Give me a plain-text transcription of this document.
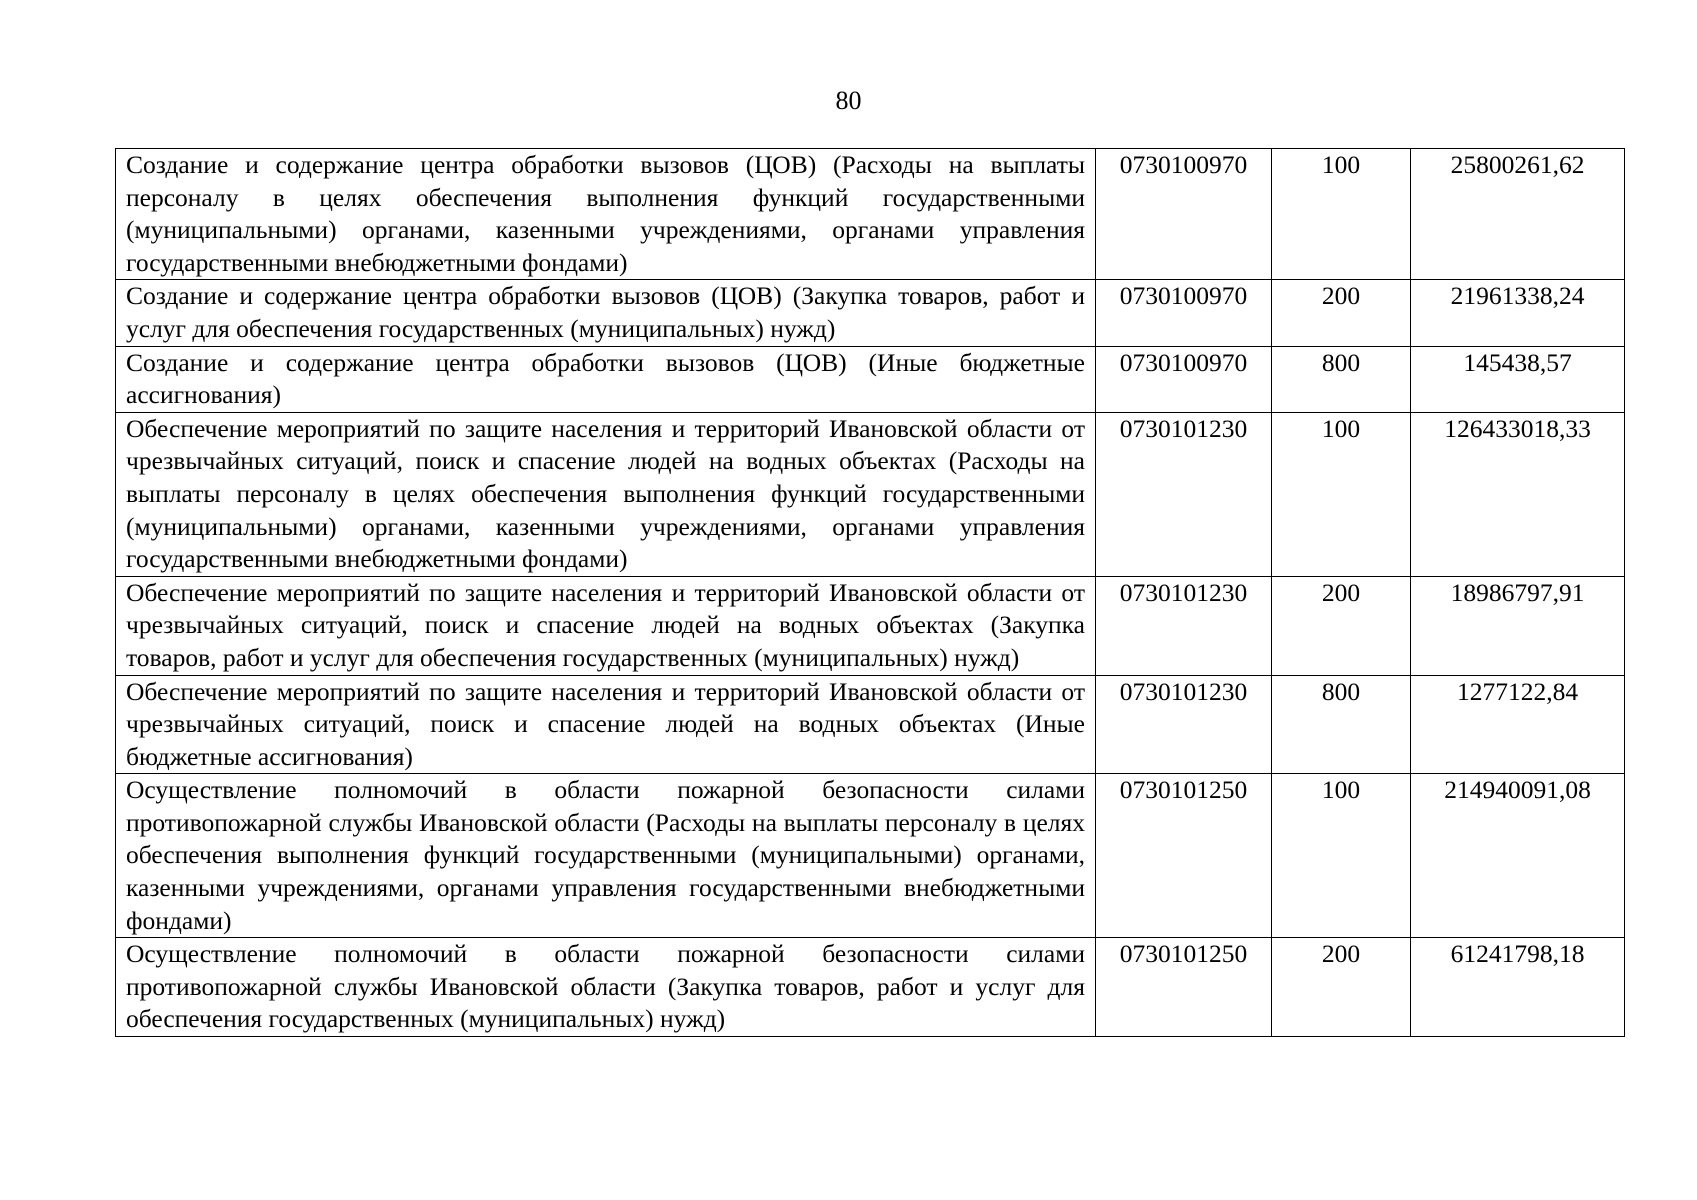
80
Создание и содержание центра обработки вызовов (ЦОВ) (Расходы на выплаты персоналу в целях обеспечения выполнения функций государственными (муниципальными) органами, казенными учреждениями, органами управления государственными внебюджетными фондами)	0730100970	100	25800261,62
Создание и содержание центра обработки вызовов (ЦОВ) (Закупка товаров, работ и услуг для обеспечения государственных (муниципальных) нужд)	0730100970	200	21961338,24
Создание и содержание центра обработки вызовов (ЦОВ) (Иные бюджетные ассигнования)	0730100970	800	145438,57
Обеспечение мероприятий по защите населения и территорий Ивановской области от чрезвычайных ситуаций, поиск и спасение людей на водных объектах (Расходы на выплаты персоналу в целях обеспечения выполнения функций государственными (муниципальными) органами, казенными учреждениями, органами управления государственными внебюджетными фондами)	0730101230	100	126433018,33
Обеспечение мероприятий по защите населения и территорий Ивановской области от чрезвычайных ситуаций, поиск и спасение людей на водных объектах (Закупка товаров, работ и услуг для обеспечения государственных (муниципальных) нужд)	0730101230	200	18986797,91
Обеспечение мероприятий по защите населения и территорий Ивановской области от чрезвычайных ситуаций, поиск и спасение людей на водных объектах (Иные бюджетные ассигнования)	0730101230	800	1277122,84
Осуществление полномочий в области пожарной безопасности силами противопожарной службы Ивановской области (Расходы на выплаты персоналу в целях обеспечения выполнения функций государственными (муниципальными) органами, казенными учреждениями, органами управления государственными внебюджетными фондами)	0730101250	100	214940091,08
Осуществление полномочий в области пожарной безопасности силами противопожарной службы Ивановской области (Закупка товаров, работ и услуг для обеспечения государственных (муниципальных) нужд)	0730101250	200	61241798,18
